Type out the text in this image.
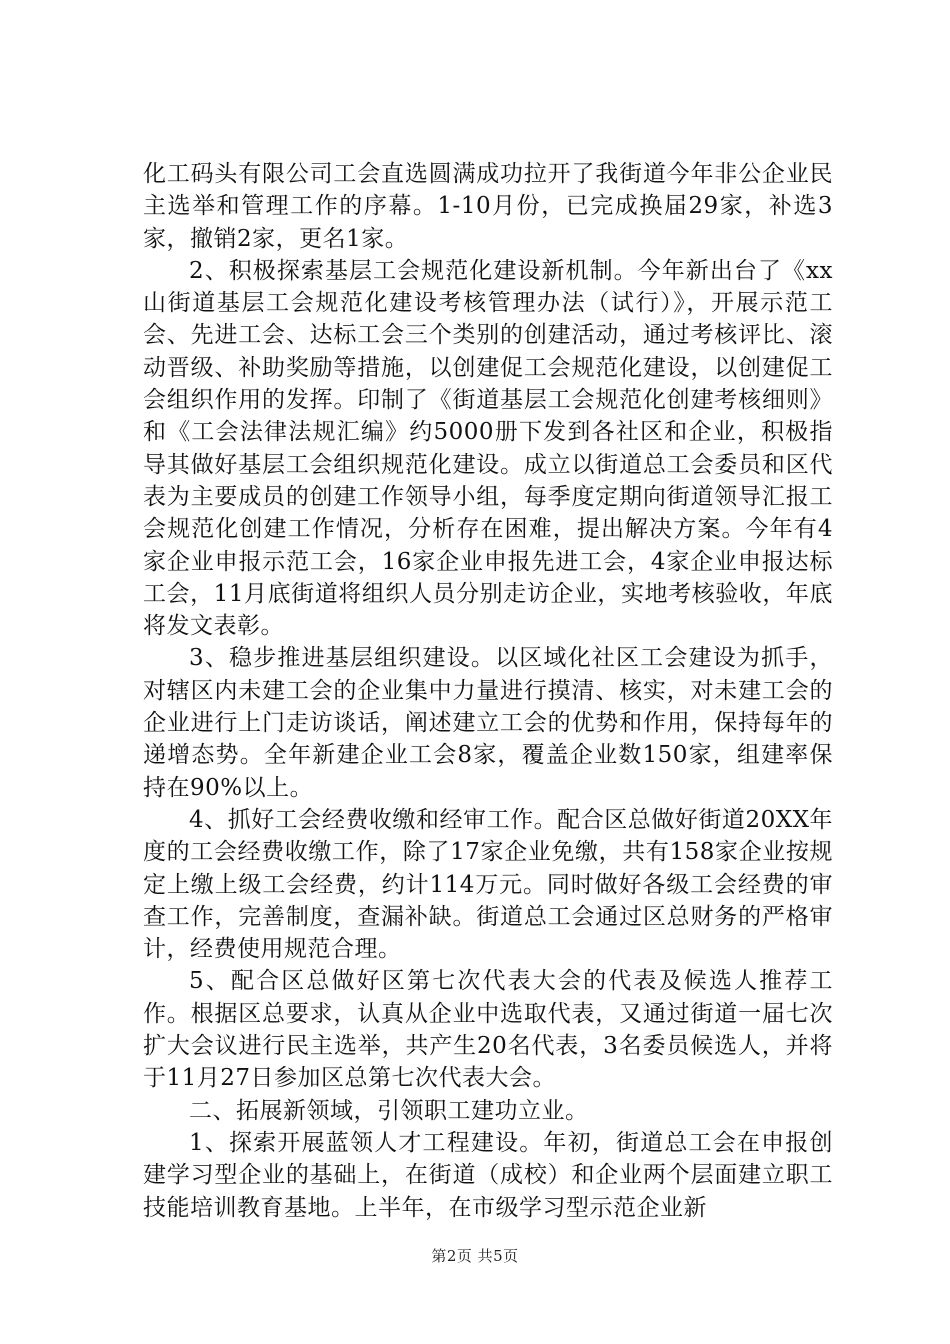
化工码头有限公司工会直选圆满成功拉开了我街道今年非公企业民主选举和管理工作的序幕。1-10月份，已完成换届29家，补选3家，撤销2家，更名1家。

2、积极探索基层工会规范化建设新机制。今年新出台了《xx山街道基层工会规范化建设考核管理办法（试行）》，开展示范工会、先进工会、达标工会三个类别的创建活动，通过考核评比、滚动晋级、补助奖励等措施，以创建促工会规范化建设，以创建促工会组织作用的发挥。印制了《街道基层工会规范化创建考核细则》和《工会法律法规汇编》约5000册下发到各社区和企业，积极指导其做好基层工会组织规范化建设。成立以街道总工会委员和区代表为主要成员的创建工作领导小组，每季度定期向街道领导汇报工会规范化创建工作情况，分析存在困难，提出解决方案。今年有4家企业申报示范工会，16家企业申报先进工会，4家企业申报达标工会，11月底街道将组织人员分别走访企业，实地考核验收，年底将发文表彰。

3、稳步推进基层组织建设。以区域化社区工会建设为抓手，对辖区内未建工会的企业集中力量进行摸清、核实，对未建工会的企业进行上门走访谈话，阐述建立工会的优势和作用，保持每年的递增态势。全年新建企业工会8家，覆盖企业数150家，组建率保持在90%以上。

4、抓好工会经费收缴和经审工作。配合区总做好街道20XX年度的工会经费收缴工作，除了17家企业免缴，共有158家企业按规定上缴上级工会经费，约计114万元。同时做好各级工会经费的审查工作，完善制度，查漏补缺。街道总工会通过区总财务的严格审计，经费使用规范合理。

5、配合区总做好区第七次代表大会的代表及候选人推荐工作。根据区总要求，认真从企业中选取代表，又通过街道一届七次扩大会议进行民主选举，共产生20名代表，3名委员候选人，并将于11月27日参加区总第七次代表大会。

二、拓展新领域，引领职工建功立业。

1、探索开展蓝领人才工程建设。年初，街道总工会在申报创建学习型企业的基础上，在街道（成校）和企业两个层面建立职工技能培训教育基地。上半年，在市级学习型示范企业新

第2页 共5页
